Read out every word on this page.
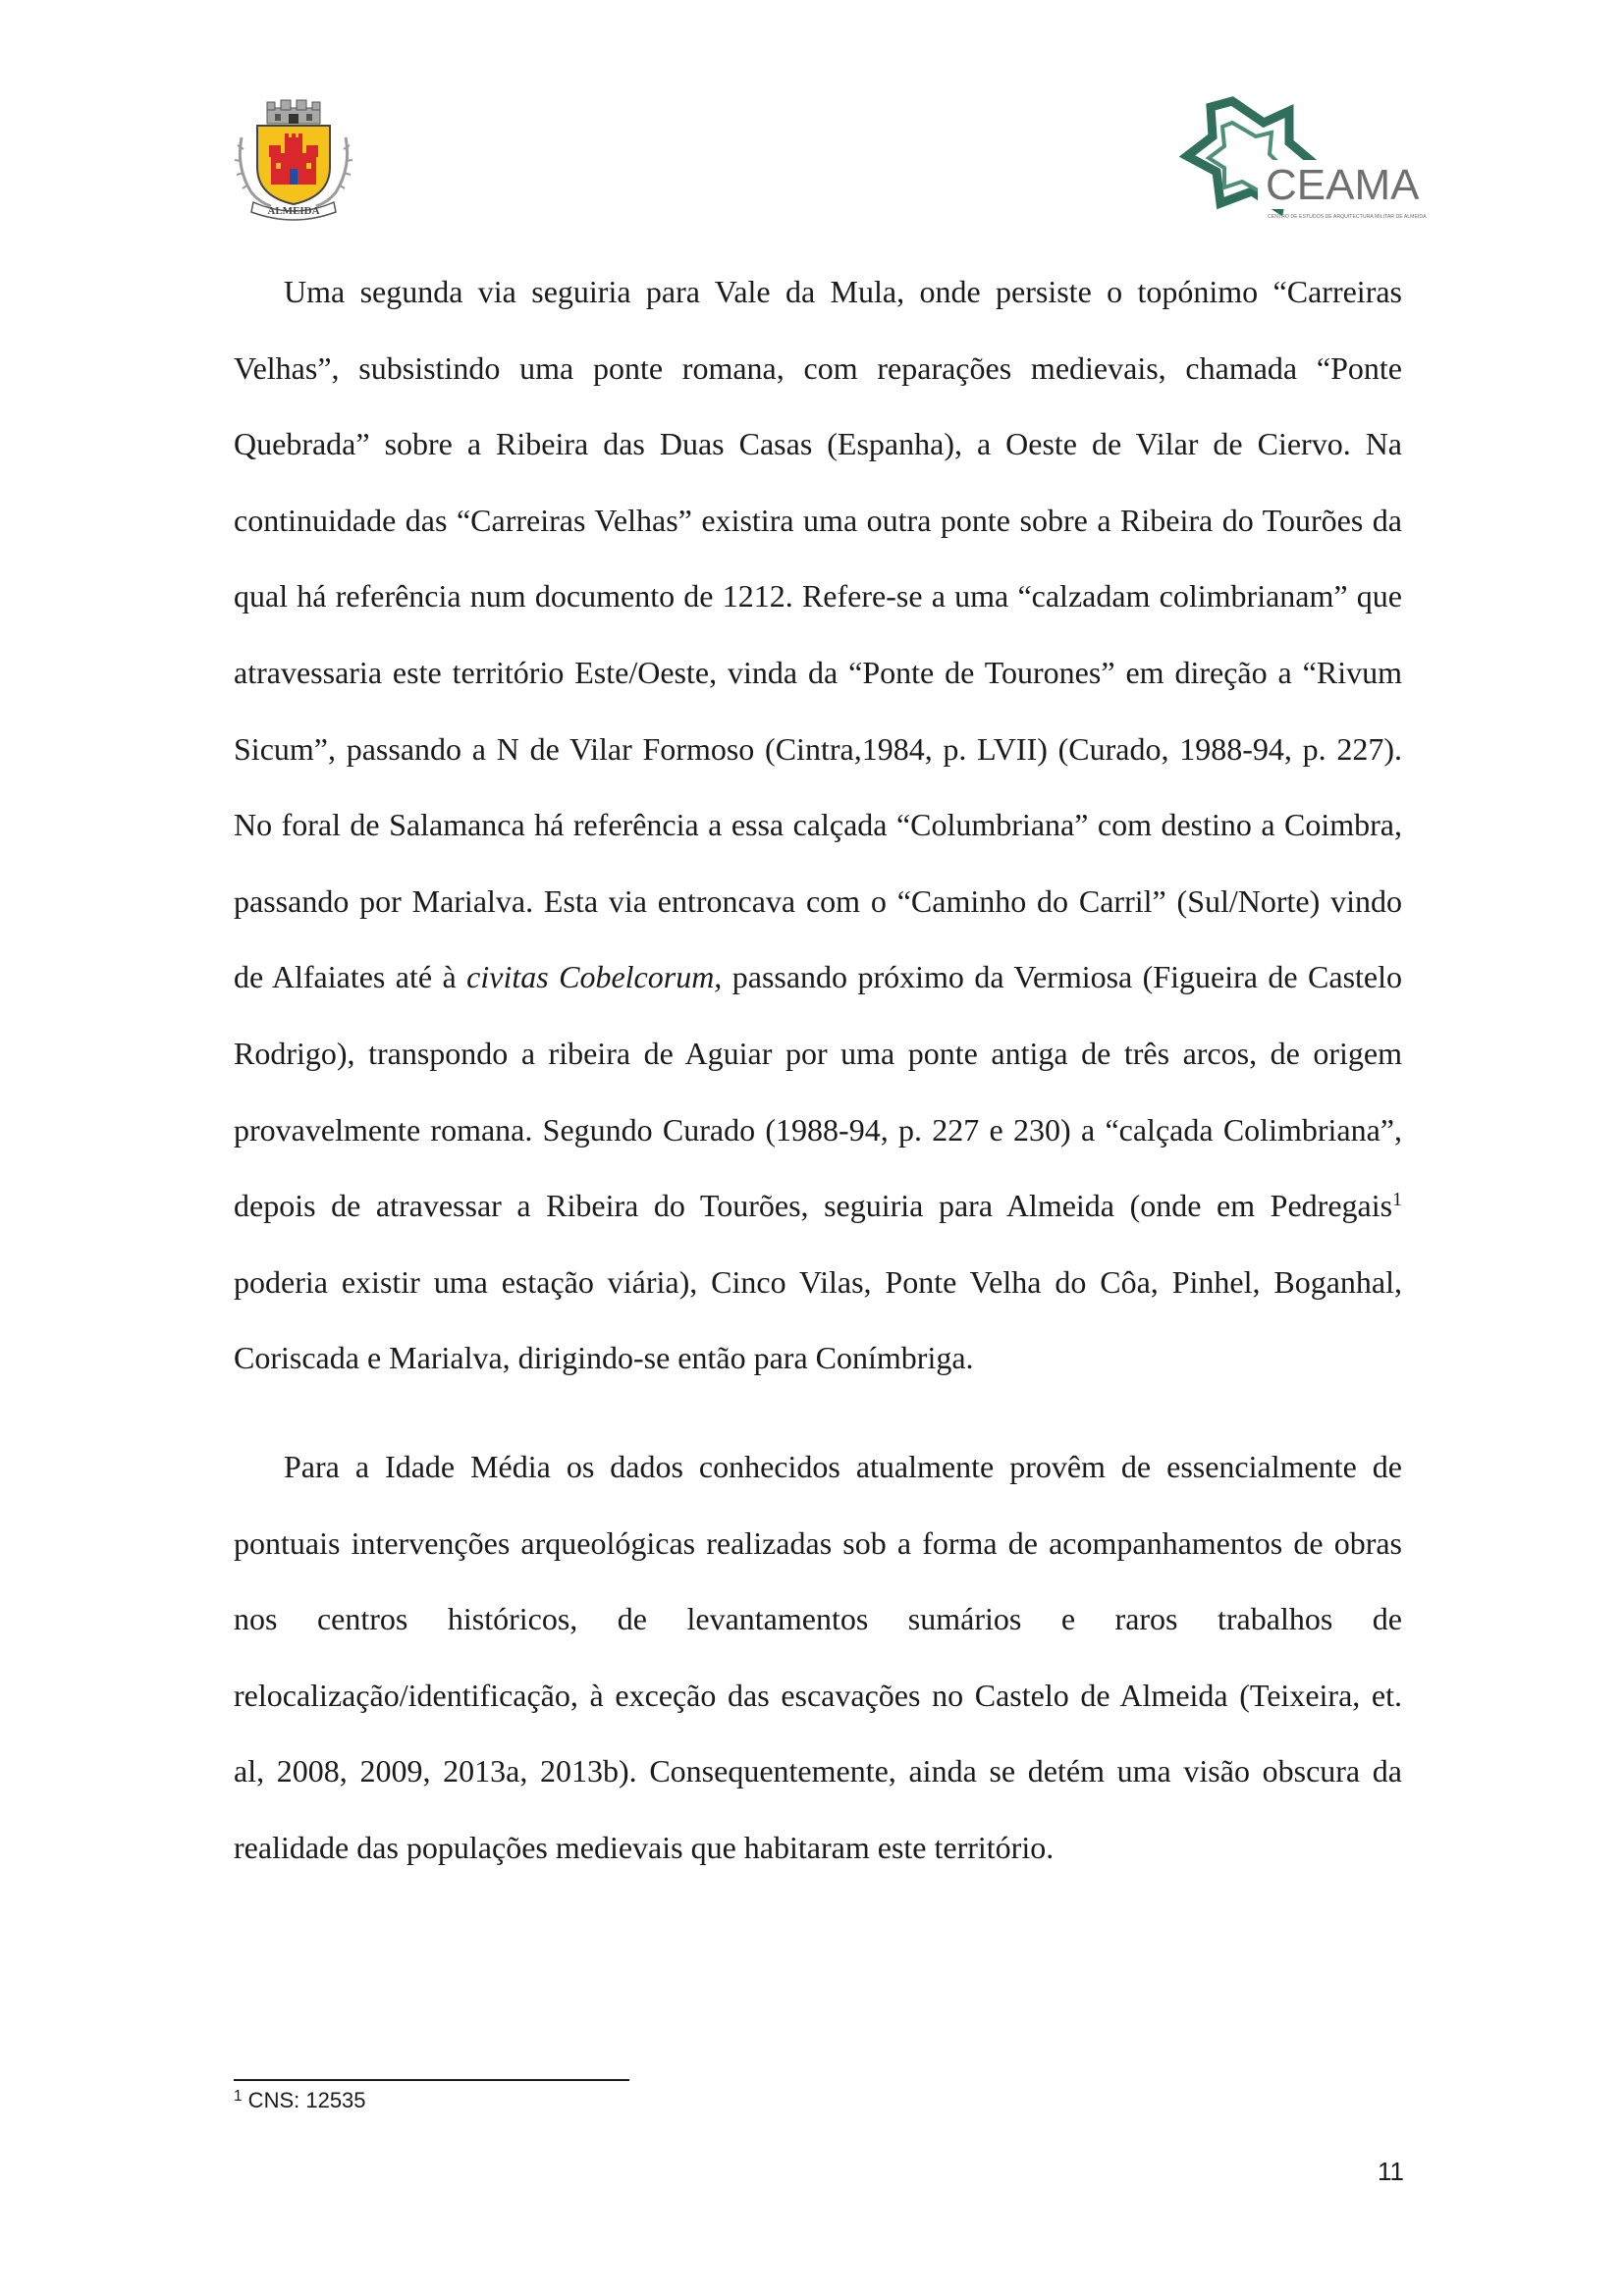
ALMEIDA
CEAMA
CENTRO DE ESTUDOS DE ARQUITECTURA MILITAR DE ALMEIDA

Uma segunda via seguiria para Vale da Mula, onde persiste o topónimo “Carreiras Velhas”, subsistindo uma ponte romana, com reparações medievais, chamada “Ponte Quebrada” sobre a Ribeira das Duas Casas (Espanha), a Oeste de Vilar de Ciervo. Na continuidade das “Carreiras Velhas” existira uma outra ponte sobre a Ribeira do Tourões da qual há referência num documento de 1212. Refere-se a uma “calzadam colimbrianam” que atravessaria este território Este/Oeste, vinda da “Ponte de Tourones” em direção a “Rivum Sicum”, passando a N de Vilar Formoso (Cintra,1984, p. LVII) (Curado, 1988-94, p. 227). No foral de Salamanca há referência a essa calçada “Columbriana” com destino a Coimbra, passando por Marialva. Esta via entroncava com o “Caminho do Carril” (Sul/Norte) vindo de Alfaiates até à civitas Cobelcorum, passando próximo da Vermiosa (Figueira de Castelo Rodrigo), transpondo a ribeira de Aguiar por uma ponte antiga de três arcos, de origem provavelmente romana. Segundo Curado (1988-94, p. 227 e 230) a “calçada Colimbriana”, depois de atravessar a Ribeira do Tourões, seguiria para Almeida (onde em Pedregais$^1$ poderia existir uma estação viária), Cinco Vilas, Ponte Velha do Côa, Pinhel, Boganhal, Coriscada e Marialva, dirigindo-se então para Conímbriga.

Para a Idade Média os dados conhecidos atualmente provêm de essencialmente de pontuais intervenções arqueológicas realizadas sob a forma de acompanhamentos de obras nos centros históricos, de levantamentos sumários e raros trabalhos de relocalização/identificação, à exceção das escavações no Castelo de Almeida (Teixeira, et. al, 2008, 2009, 2013a, 2013b). Consequentemente, ainda se detém uma visão obscura da realidade das populações medievais que habitaram este território.

$^1$ CNS: 12535
11
